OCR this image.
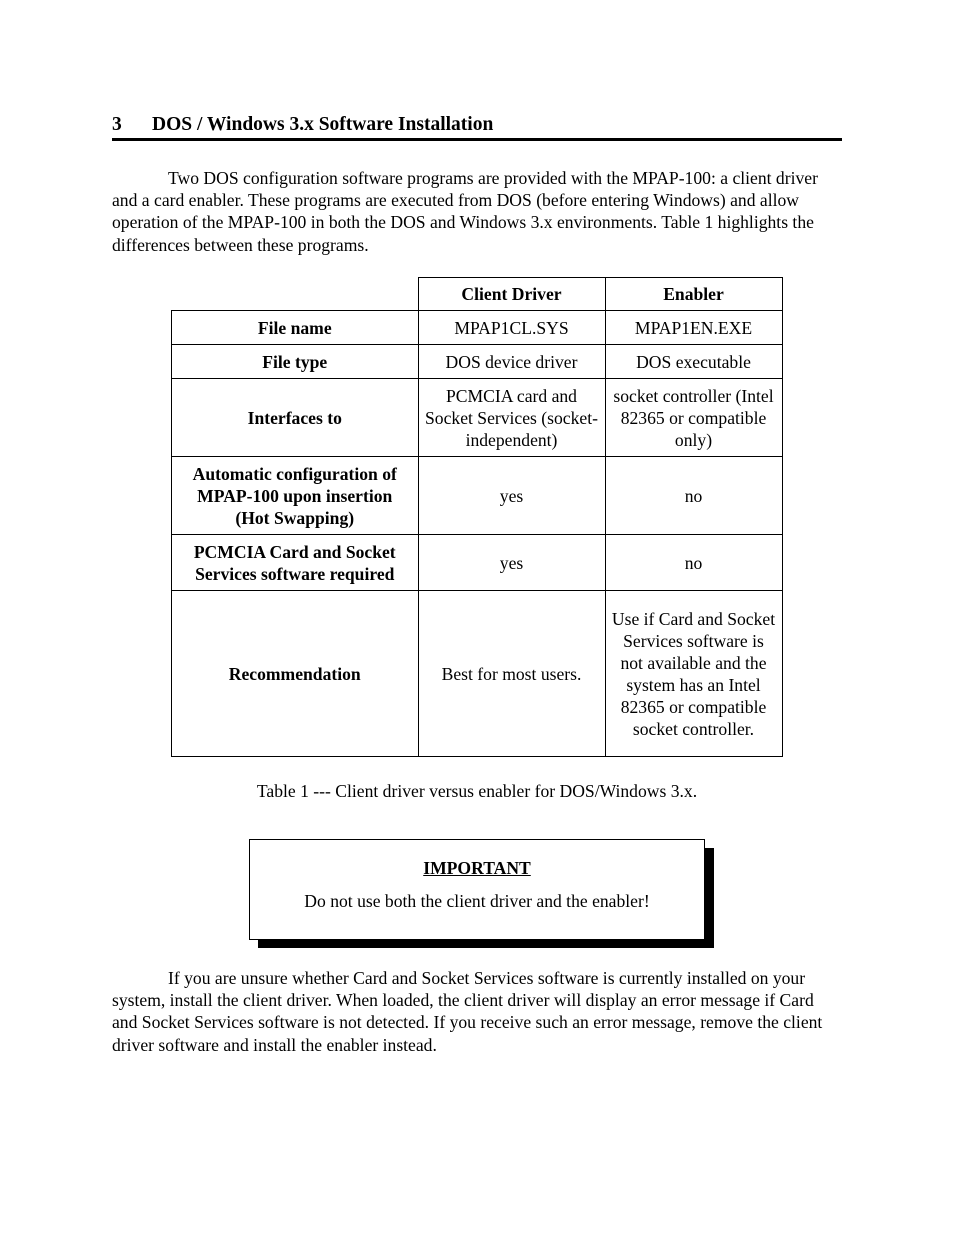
3 DOS / Windows 3.x Software Installation

Two DOS configuration software programs are provided with the MPAP-100: a client driver and a card enabler. These programs are executed from DOS (before entering Windows) and allow operation of the MPAP-100 in both the DOS and Windows 3.x environments. Table 1 highlights the differences between these programs.

	Client Driver	Enabler
File name	MPAP1CL.SYS	MPAP1EN.EXE
File type	DOS device driver	DOS executable
Interfaces to	PCMCIA card and Socket Services (socket-independent)	socket controller (Intel 82365 or compatible only)
Automatic configuration of MPAP-100 upon insertion (Hot Swapping)	yes	no
PCMCIA Card and Socket Services software required	yes	no
Recommendation	Best for most users.	Use if Card and Socket Services software is not available and the system has an Intel 82365 or compatible socket controller.
Table 1 --- Client driver versus enabler for DOS/Windows 3.x.
IMPORTANT
Do not use both the client driver and the enabler!

If you are unsure whether Card and Socket Services software is currently installed on your system, install the client driver. When loaded, the client driver will display an error message if Card and Socket Services software is not detected. If you receive such an error message, remove the client driver software and install the enabler instead.
